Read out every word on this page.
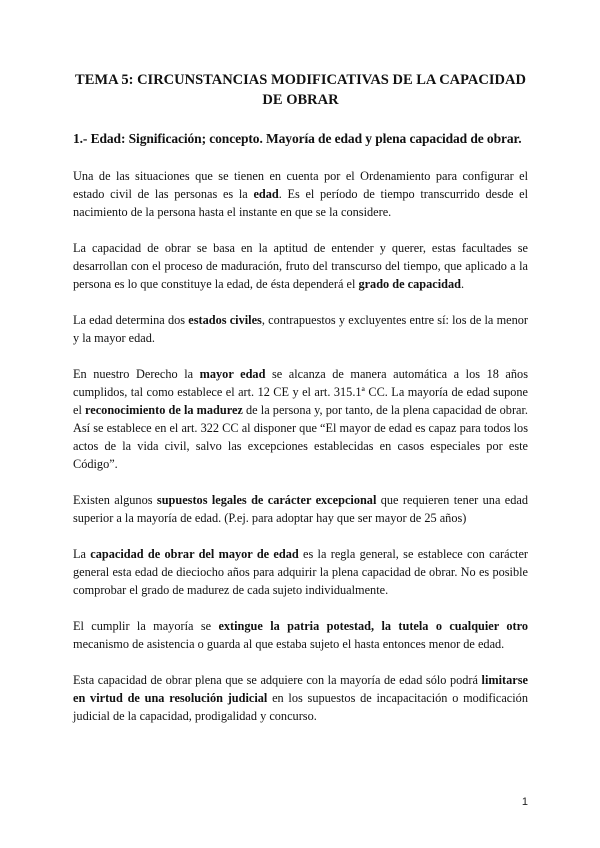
TEMA 5: CIRCUNSTANCIAS MODIFICATIVAS DE LA CAPACIDAD DE OBRAR
1.- Edad: Significación; concepto. Mayoría de edad y plena capacidad de obrar.

Una de las situaciones que se tienen en cuenta por el Ordenamiento para configurar el estado civil de las personas es la edad. Es el período de tiempo transcurrido desde el nacimiento de la persona hasta el instante en que se la considere.

La capacidad de obrar se basa en la aptitud de entender y querer, estas facultades se desarrollan con el proceso de maduración, fruto del transcurso del tiempo, que aplicado a la persona es lo que constituye la edad, de ésta dependerá el grado de capacidad.

La edad determina dos estados civiles, contrapuestos y excluyentes entre sí: los de la menor y la mayor edad.

En nuestro Derecho la mayor edad se alcanza de manera automática a los 18 años cumplidos, tal como establece el art. 12 CE y el art. 315.1ª CC. La mayoría de edad supone el reconocimiento de la madurez de la persona y, por tanto, de la plena capacidad de obrar. Así se establece en el art. 322 CC al disponer que “El mayor de edad es capaz para todos los actos de la vida civil, salvo las excepciones establecidas en casos especiales por este Código”.

Existen algunos supuestos legales de carácter excepcional que requieren tener una edad superior a la mayoría de edad. (P.ej. para adoptar hay que ser mayor de 25 años)

La capacidad de obrar del mayor de edad es la regla general, se establece con carácter general esta edad de dieciocho años para adquirir la plena capacidad de obrar. No es posible comprobar el grado de madurez de cada sujeto individualmente.

El cumplir la mayoría se extingue la patria potestad, la tutela o cualquier otro mecanismo de asistencia o guarda al que estaba sujeto el hasta entonces menor de edad.

Esta capacidad de obrar plena que se adquiere con la mayoría de edad sólo podrá limitarse en virtud de una resolución judicial en los supuestos de incapacitación o modificación judicial de la capacidad, prodigalidad y concurso.

1
